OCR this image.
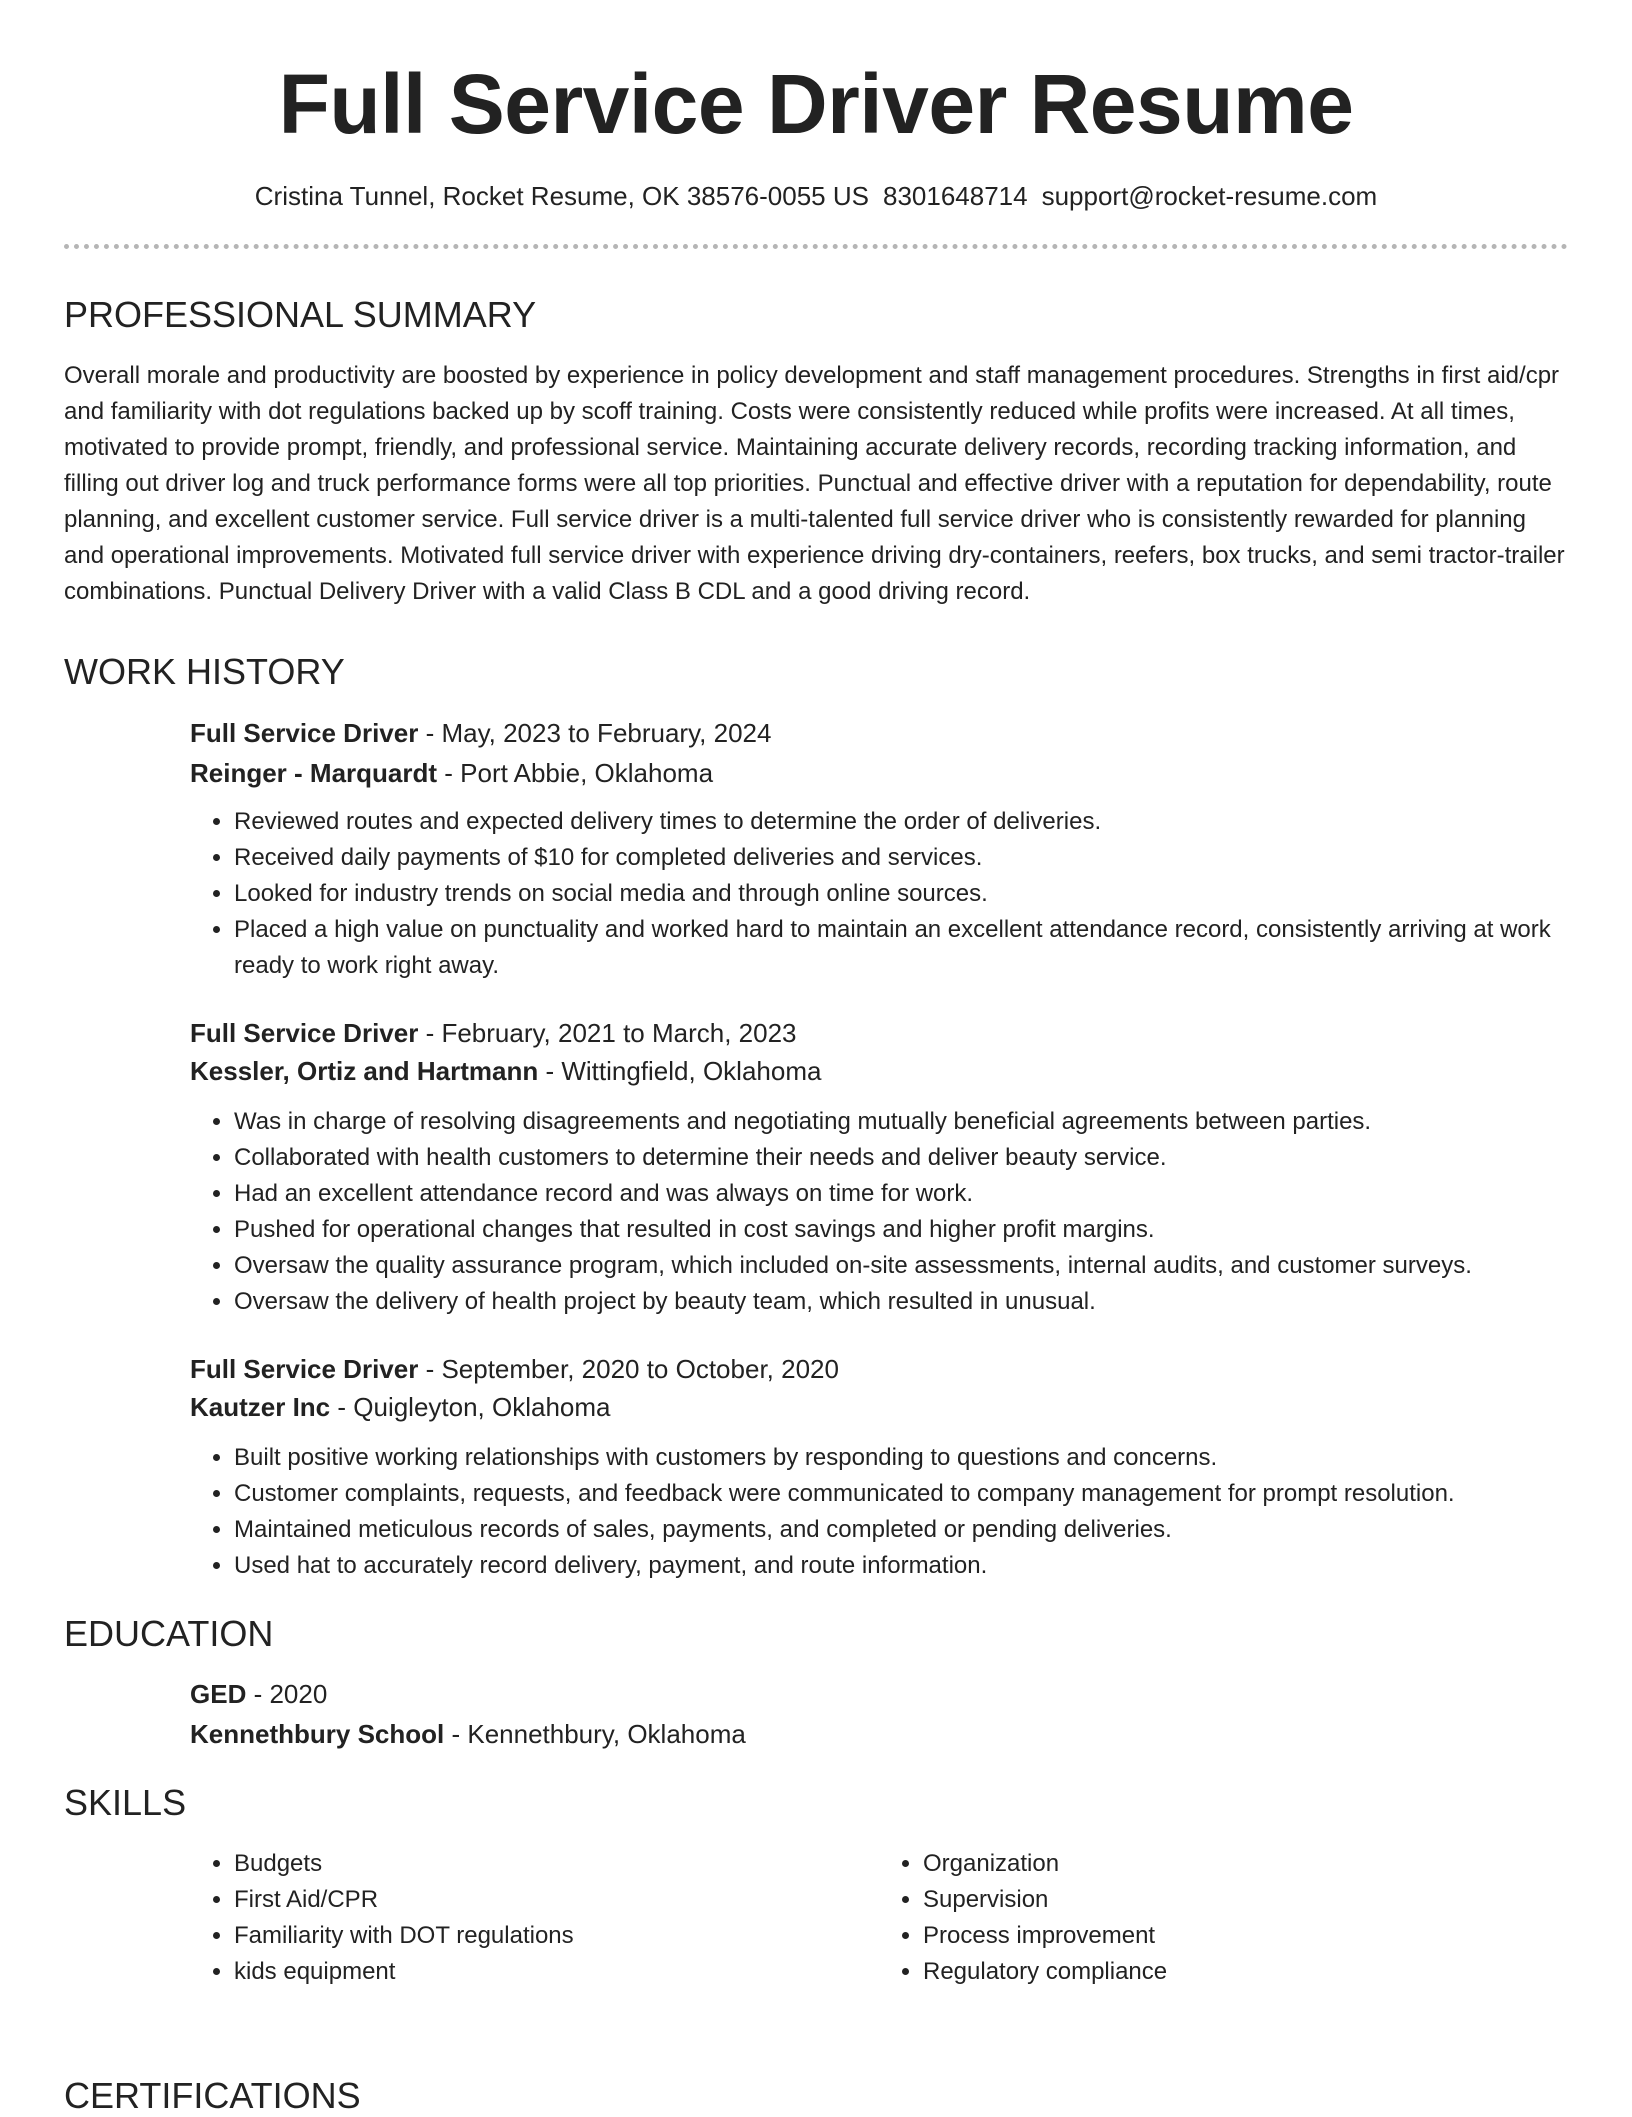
Full Service Driver Resume
Cristina Tunnel, Rocket Resume, OK 38576-0055 US 8301648714 support@rocket-resume.com
PROFESSIONAL SUMMARY

Overall morale and productivity are boosted by experience in policy development and staff management procedures. Strengths in first aid/cpr and familiarity with dot regulations backed up by scoff training. Costs were consistently reduced while profits were increased. At all times, motivated to provide prompt, friendly, and professional service. Maintaining accurate delivery records, recording tracking information, and filling out driver log and truck performance forms were all top priorities. Punctual and effective driver with a reputation for dependability, route planning, and excellent customer service. Full service driver is a multi-talented full service driver who is consistently rewarded for planning and operational improvements. Motivated full service driver with experience driving dry-containers, reefers, box trucks, and semi tractor-trailer combinations. Punctual Delivery Driver with a valid Class B CDL and a good driving record.

WORK HISTORY
Full Service Driver - May, 2023 to February, 2024
Reinger - Marquardt - Port Abbie, Oklahoma
• Reviewed routes and expected delivery times to determine the order of deliveries.
• Received daily payments of $10 for completed deliveries and services.
• Looked for industry trends on social media and through online sources.
• Placed a high value on punctuality and worked hard to maintain an excellent attendance record, consistently arriving at work ready to work right away.
Full Service Driver - February, 2021 to March, 2023
Kessler, Ortiz and Hartmann - Wittingfield, Oklahoma
• Was in charge of resolving disagreements and negotiating mutually beneficial agreements between parties.
• Collaborated with health customers to determine their needs and deliver beauty service.
• Had an excellent attendance record and was always on time for work.
• Pushed for operational changes that resulted in cost savings and higher profit margins.
• Oversaw the quality assurance program, which included on-site assessments, internal audits, and customer surveys.
• Oversaw the delivery of health project by beauty team, which resulted in unusual.
Full Service Driver - September, 2020 to October, 2020
Kautzer Inc - Quigleyton, Oklahoma
• Built positive working relationships with customers by responding to questions and concerns.
• Customer complaints, requests, and feedback were communicated to company management for prompt resolution.
• Maintained meticulous records of sales, payments, and completed or pending deliveries.
• Used hat to accurately record delivery, payment, and route information.
EDUCATION
GED - 2020
Kennethbury School - Kennethbury, Oklahoma
SKILLS
• Budgets
• First Aid/CPR
• Familiarity with DOT regulations
• kids equipment
• Organization
• Supervision
• Process improvement
• Regulatory compliance
CERTIFICATIONS
